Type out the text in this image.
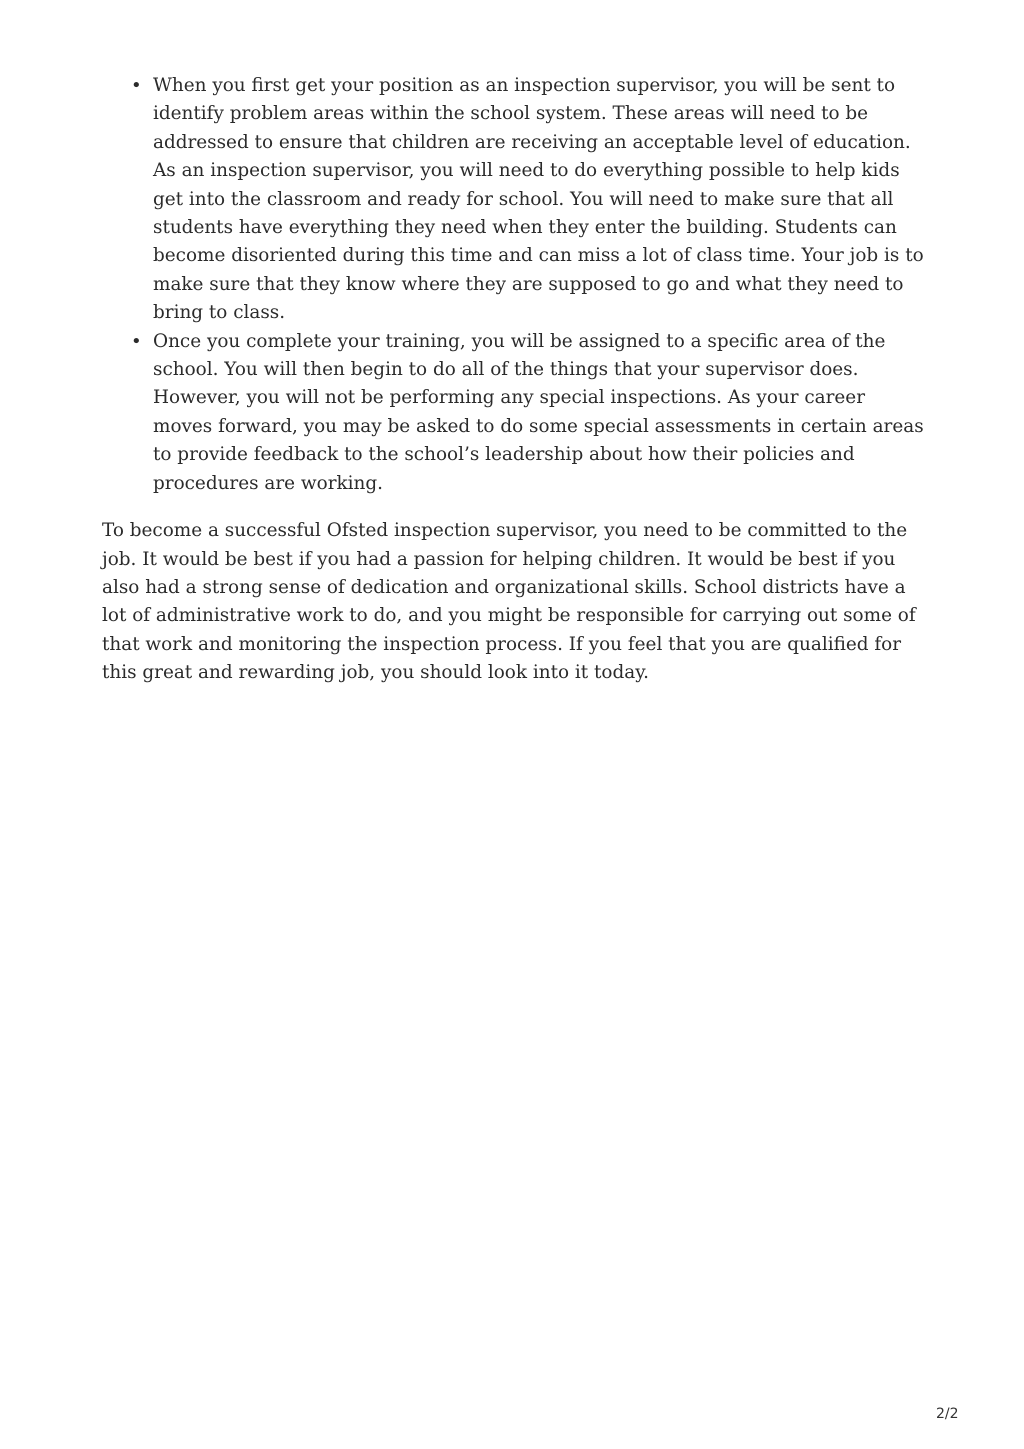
• When you first get your position as an inspection supervisor, you will be sent to identify problem areas within the school system. These areas will need to be addressed to ensure that children are receiving an acceptable level of education. As an inspection supervisor, you will need to do everything possible to help kids get into the classroom and ready for school. You will need to make sure that all students have everything they need when they enter the building. Students can become disoriented during this time and can miss a lot of class time. Your job is to make sure that they know where they are supposed to go and what they need to bring to class.
• Once you complete your training, you will be assigned to a specific area of the school. You will then begin to do all of the things that your supervisor does. However, you will not be performing any special inspections. As your career moves forward, you may be asked to do some special assessments in certain areas to provide feedback to the school’s leadership about how their policies and procedures are working.

To become a successful Ofsted inspection supervisor, you need to be committed to the job. It would be best if you had a passion for helping children. It would be best if you also had a strong sense of dedication and organizational skills. School districts have a lot of administrative work to do, and you might be responsible for carrying out some of that work and monitoring the inspection process. If you feel that you are qualified for this great and rewarding job, you should look into it today.

2/2
